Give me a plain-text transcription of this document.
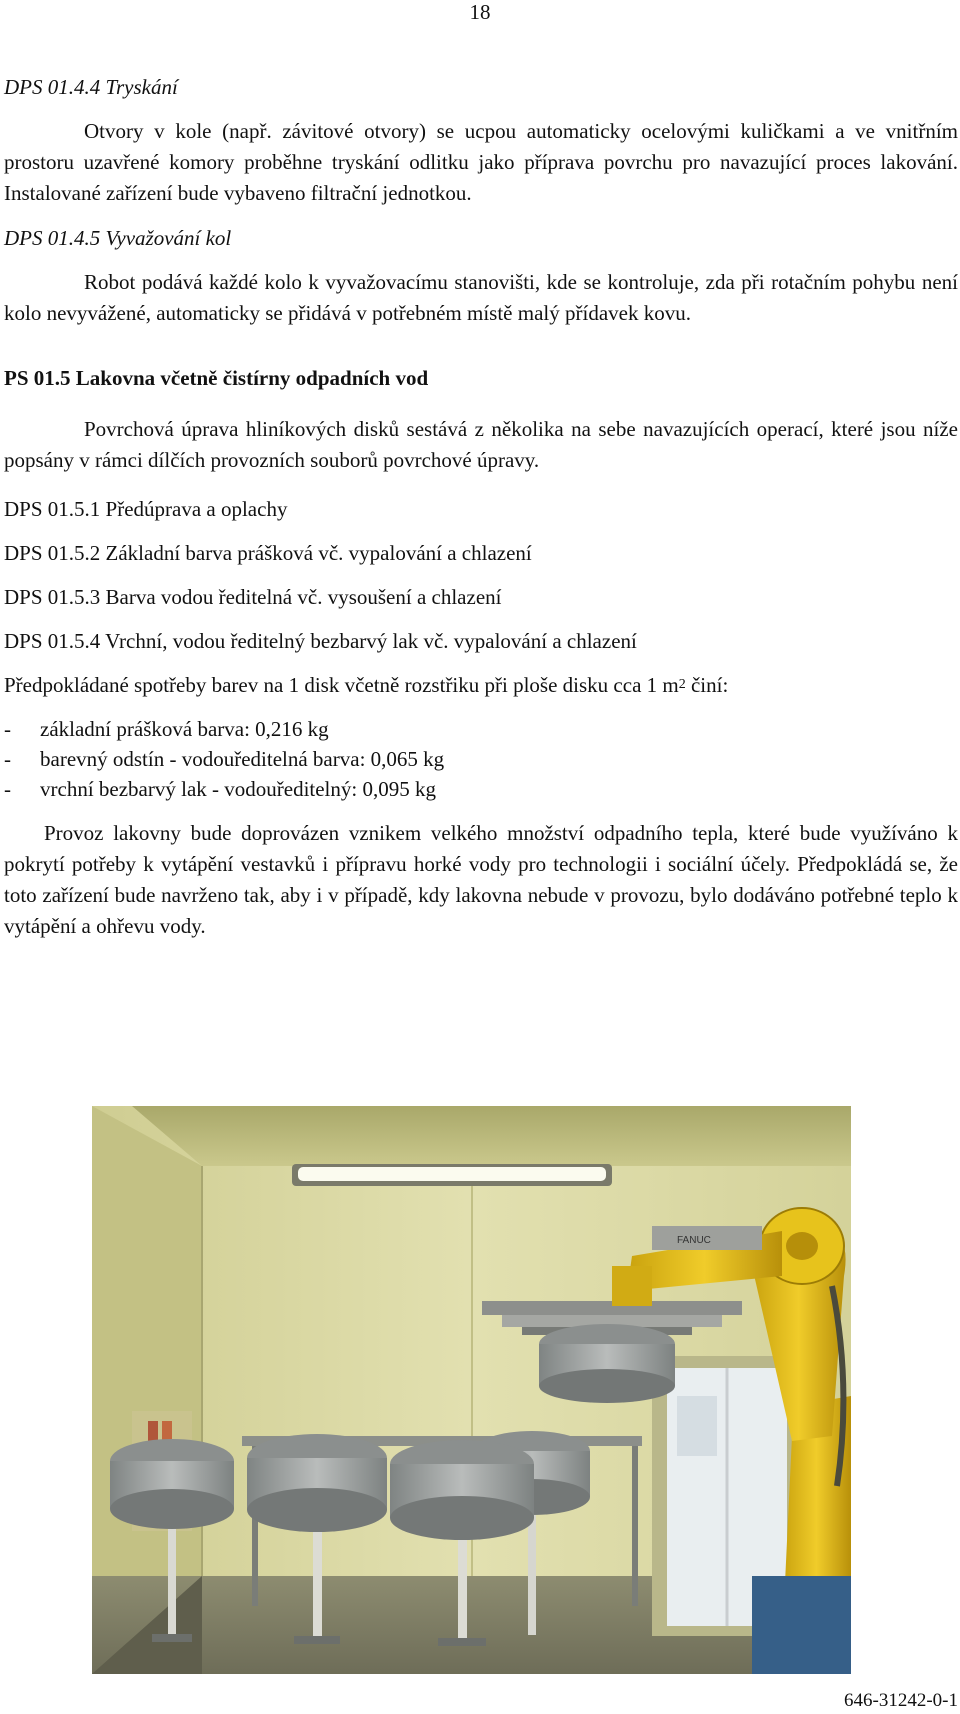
18

DPS 01.4.4 Tryskání

Otvory v kole (např. závitové otvory) se ucpou automaticky ocelovými kuličkami a ve vnitřním prostoru uzavřené komory proběhne tryskání odlitku jako příprava povrchu pro navazující proces lakování. Instalované zařízení bude vybaveno filtrační jednotkou.

DPS 01.4.5 Vyvažování kol

Robot podává každé kolo k vyvažovacímu stanovišti, kde se kontroluje, zda při rotačním pohybu není kolo nevyvážené, automaticky se přidává v potřebném místě malý přídavek kovu.

PS 01.5 Lakovna včetně čistírny odpadních vod

Povrchová úprava hliníkových disků sestává z několika na sebe navazujících operací, které jsou níže popsány v rámci dílčích provozních souborů povrchové úpravy.

DPS 01.5.1 Předúprava a oplachy

DPS 01.5.2 Základní barva prášková vč. vypalování a chlazení

DPS 01.5.3 Barva vodou ředitelná vč. vysoušení a chlazení

DPS 01.5.4 Vrchní, vodou ředitelný bezbarvý lak vč. vypalování a chlazení

Předpokládané spotřeby barev na 1 disk včetně rozstřiku při ploše disku cca 1 $m^2$ činí:

-	základní prášková barva: 0,216 kg
-	barevný odstín - vodouředitelná barva: 0,065 kg
-	vrchní bezbarvý lak - vodouředitelný: 0,095 kg

Provoz lakovny bude doprovázen vznikem velkého množství odpadního tepla, které bude využíváno k pokrytí potřeby k vytápění vestavků i přípravu horké vody pro technologii i sociální účely. Předpokládá se, že toto zařízení bude navrženo tak, aby i v případě, kdy lakovna nebude v provozu, bylo dodáváno potřebné teplo k vytápění a ohřevu vody.

FANUC
646-31242-0-1
